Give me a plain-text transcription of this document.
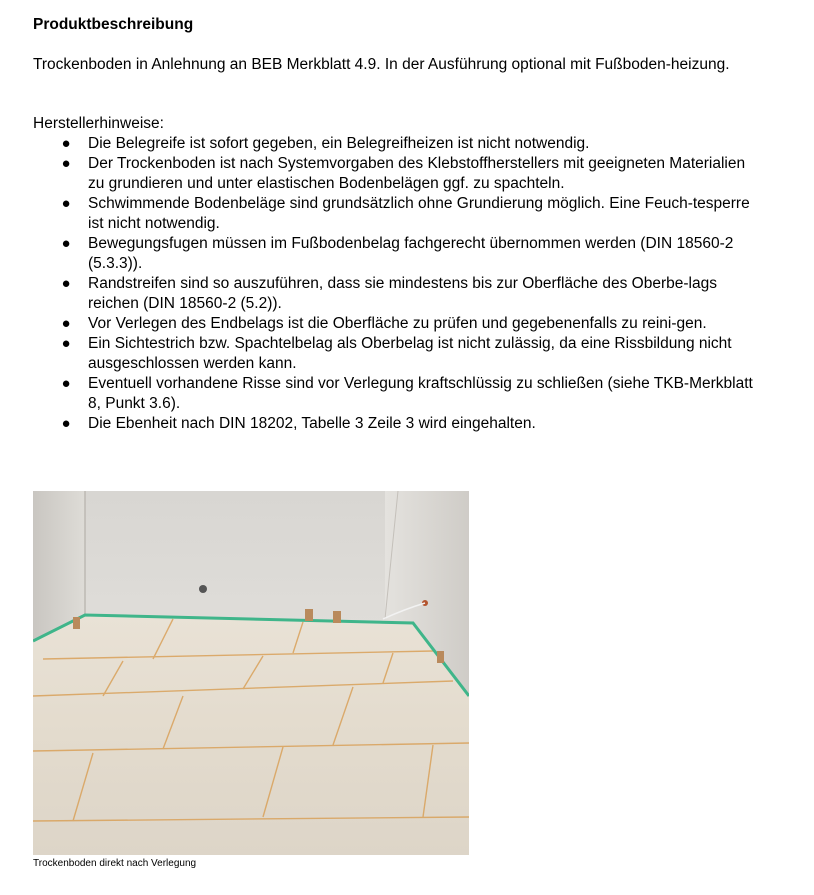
Produktbeschreibung

Trockenboden in Anlehnung an BEB Merkblatt 4.9. In der Ausführung optional mit Fußboden-heizung.

Herstellerhinweise:

● Die Belegreife ist sofort gegeben, ein Belegreifheizen ist nicht notwendig.
● Der Trockenboden ist nach Systemvorgaben des Klebstoffherstellers mit geeigneten Materialien zu grundieren und unter elastischen Bodenbelägen ggf. zu spachteln.
● Schwimmende Bodenbeläge sind grundsätzlich ohne Grundierung möglich. Eine Feuch-tesperre ist nicht notwendig.
● Bewegungsfugen müssen im Fußbodenbelag fachgerecht übernommen werden (DIN 18560-2 (5.3.3)).
● Randstreifen sind so auszuführen, dass sie mindestens bis zur Oberfläche des Oberbe-lags reichen (DIN 18560-2 (5.2)).
● Vor Verlegen des Endbelags ist die Oberfläche zu prüfen und gegebenenfalls zu reini-gen.
● Ein Sichtestrich bzw. Spachtelbelag als Oberbelag ist nicht zulässig, da eine Rissbildung nicht ausgeschlossen werden kann.
● Eventuell vorhandene Risse sind vor Verlegung kraftschlüssig zu schließen (siehe TKB-Merkblatt 8, Punkt 3.6).
● Die Ebenheit nach DIN 18202, Tabelle 3 Zeile 3 wird eingehalten.

Trockenboden direkt nach Verlegung
